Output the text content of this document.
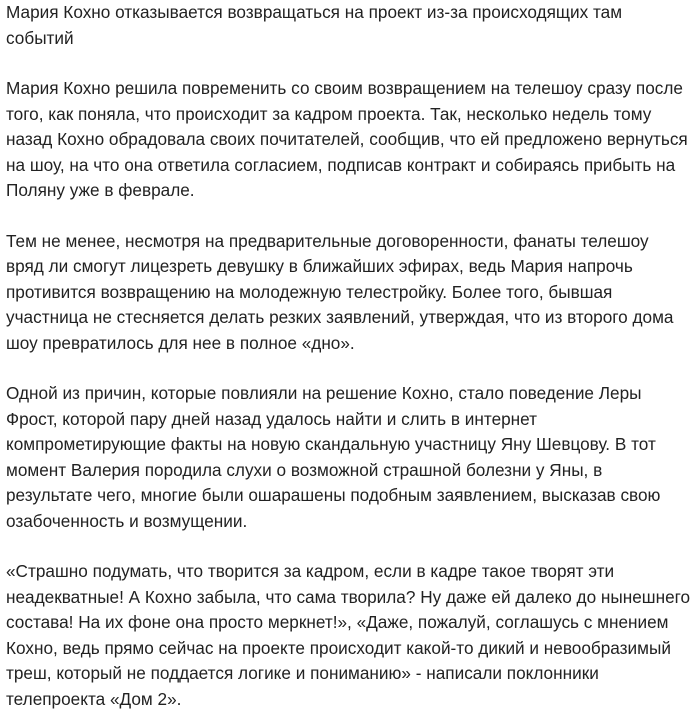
Мария Кохно отказывается возвращаться на проект из-за происходящих там событий

Мария Кохно решила повременить со своим возвращением на телешоу сразу после того, как поняла, что происходит за кадром проекта. Так, несколько недель тому назад Кохно обрадовала своих почитателей, сообщив, что ей предложено вернуться на шоу, на что она ответила согласием, подписав контракт и собираясь прибыть на Поляну уже в феврале.

Тем не менее, несмотря на предварительные договоренности, фанаты телешоу вряд ли смогут лицезреть девушку в ближайших эфирах, ведь Мария напрочь противится возвращению на молодежную телестройку. Более того, бывшая участница не стесняется делать резких заявлений, утверждая, что из второго дома шоу превратилось для нее в полное «дно».

Одной из причин, которые повлияли на решение Кохно, стало поведение Леры Фрост, которой пару дней назад удалось найти и слить в интернет компрометирующие факты на новую скандальную участницу Яну Шевцову. В тот момент Валерия породила слухи о возможной страшной болезни у Яны, в результате чего, многие были ошарашены подобным заявлением, высказав свою озабоченность и возмущении.

«Страшно подумать, что творится за кадром, если в кадре такое творят эти неадекватные! А Кохно забыла, что сама творила? Ну даже ей далеко до нынешнего состава! На их фоне она просто меркнет!», «Даже, пожалуй, соглашусь с мнением Кохно, ведь прямо сейчас на проекте происходит какой-то дикий и невообразимый треш, который не поддается логике и пониманию» - написали поклонники телепроекта «Дом 2».
